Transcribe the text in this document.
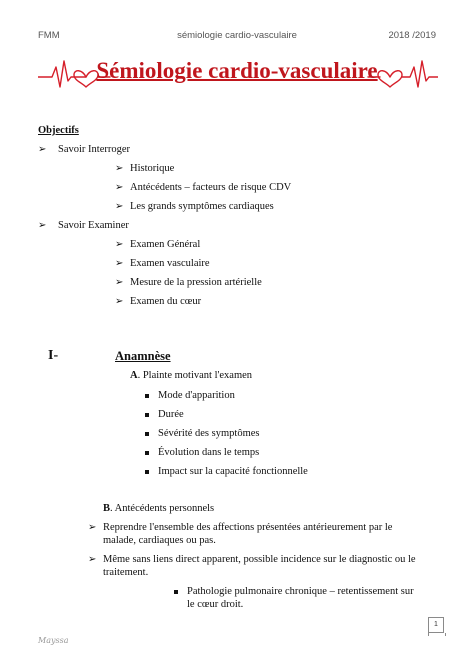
FMM	sémiologie cardio-vasculaire	2018 /2019
Sémiologie cardio-vasculaire
Objectifs
➢ Savoir Interroger
➢ Historique
➢ Antécédents – facteurs de risque CDV
➢ Les grands symptômes cardiaques
➢ Savoir Examiner
➢ Examen Général
➢ Examen vasculaire
➢ Mesure de la pression artérielle
➢ Examen du cœur
I-	Anamnèse
A. Plainte motivant l'examen
Mode d'apparition
Durée
Sévérité des symptômes
Évolution dans le temps
Impact sur la capacité fonctionnelle
B. Antécédents personnels
➢ Reprendre l'ensemble des affections présentées antérieurement par le
malade, cardiaques ou pas.
➢ Même sans liens direct apparent, possible incidence sur le diagnostic ou le
traitement.
Pathologie pulmonaire chronique – retentissement sur
le cœur droit.
Mayssa
1
